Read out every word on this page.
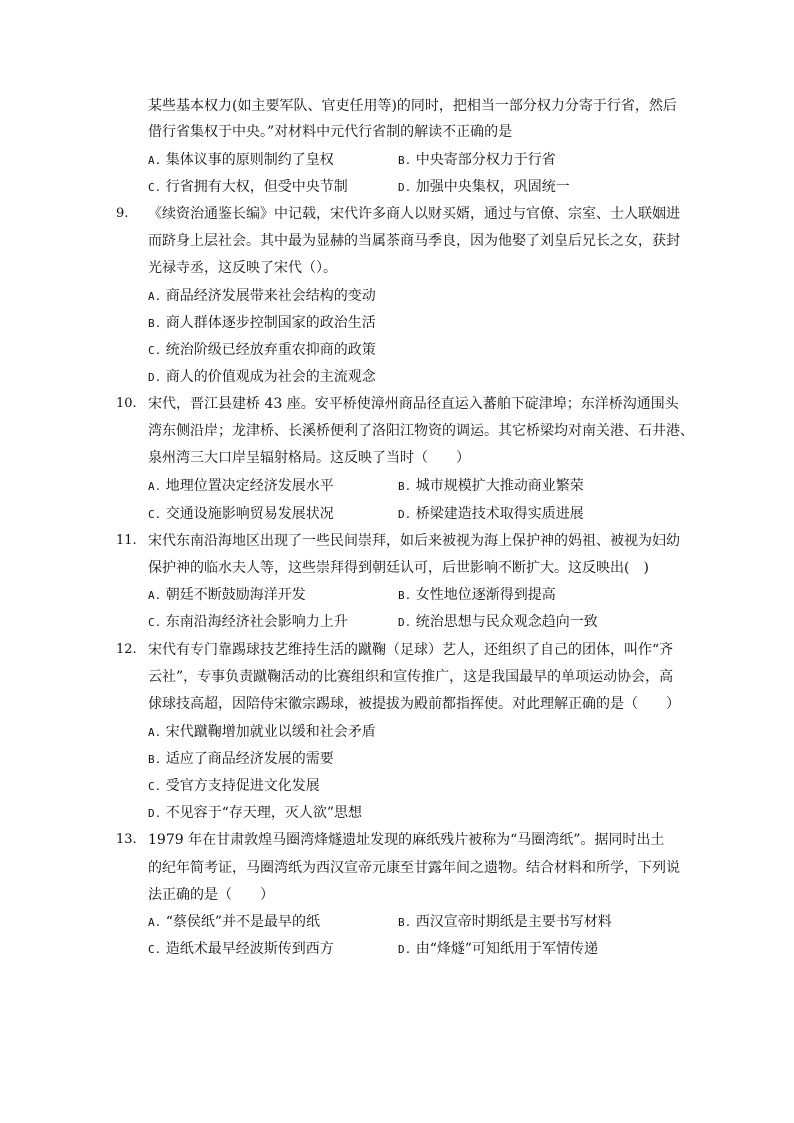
某些基本权力(如主要军队、官吏任用等)的同时，把相当一部分权力分寄于行省，然后
借行省集权于中央。”对材料中元代行省制的解读不正确的是
A. 集体议事的原则制约了皇权	B. 中央寄部分权力于行省
C. 行省拥有大权，但受中央节制	D. 加强中央集权，巩固统一
9. 《续资治通鉴长编》中记载，宋代许多商人以财买婿，通过与官僚、宗室、士人联姻进
而跻身上层社会。其中最为显赫的当属茶商马季良，因为他娶了刘皇后兄长之女，获封
光禄寺丞，这反映了宋代（）。
A. 商品经济发展带来社会结构的变动
B. 商人群体逐步控制国家的政治生活
C. 统治阶级已经放弃重农抑商的政策
D. 商人的价值观成为社会的主流观念
10. 宋代，晋江县建桥 43 座。安平桥使漳州商品径直运入蕃舶下碇津埠；东洋桥沟通围头
湾东侧沿岸；龙津桥、长溪桥便利了洛阳江物资的调运。其它桥梁均对南关港、石井港、
泉州湾三大口岸呈辐射格局。这反映了当时（　　）
A. 地理位置决定经济发展水平	B. 城市规模扩大推动商业繁荣
C. 交通设施影响贸易发展状况	D. 桥梁建造技术取得实质进展
11. 宋代东南沿海地区出现了一些民间崇拜，如后来被视为海上保护神的妈祖、被视为妇幼
保护神的临水夫人等，这些崇拜得到朝廷认可，后世影响不断扩大。这反映出(　)
A. 朝廷不断鼓励海洋开发	B. 女性地位逐渐得到提高
C. 东南沿海经济社会影响力上升	D. 统治思想与民众观念趋向一致
12. 宋代有专门靠踢球技艺维持生活的蹴鞠（足球）艺人，还组织了自己的团体，叫作“齐
云社”，专事负责蹴鞠活动的比赛组织和宣传推广，这是我国最早的单项运动协会，高
俅球技高超，因陪侍宋徽宗踢球，被提拔为殿前都指挥使。对此理解正确的是（　　）
A. 宋代蹴鞠增加就业以缓和社会矛盾
B. 适应了商品经济发展的需要
C. 受官方支持促进文化发展
D. 不见容于“存天理，灭人欲”思想
13. 1979 年在甘肃敦煌马圈湾烽燧遗址发现的麻纸残片被称为“马圈湾纸”。据同时出土
的纪年简考证，马圈湾纸为西汉宣帝元康至甘露年间之遗物。结合材料和所学，下列说
法正确的是（　　）
A. “蔡侯纸”并不是最早的纸	B. 西汉宣帝时期纸是主要书写材料
C. 造纸术最早经波斯传到西方	D. 由“烽燧”可知纸用于军情传递
